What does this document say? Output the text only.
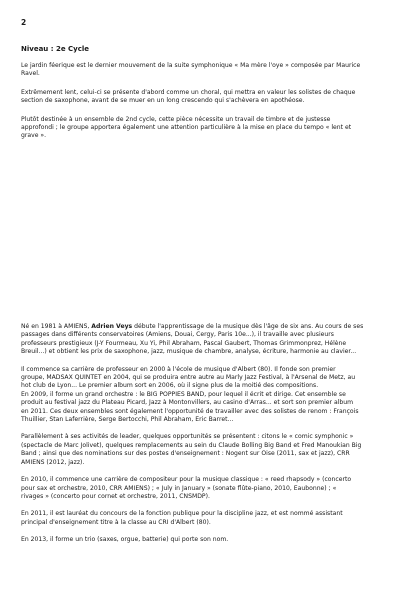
2
Niveau : 2e Cycle

Le jardin féerique est le dernier mouvement de la suite symphonique « Ma mère l'oye » composée par Maurice
Ravel.

Extrêmement lent, celui-ci se présente d'abord comme un choral, qui mettra en valeur les solistes de chaque
section de saxophone, avant de se muer en un long crescendo qui s'achèvera en apothéose.

Plutôt destinée à un ensemble de 2nd cycle, cette pièce nécessite un travail de timbre et de justesse
approfondi ; le groupe apportera également une attention particulière à la mise en place du tempo « lent et
grave ».

Né en 1981 à AMIENS, Adrien Veys débute l'apprentissage de la musique dès l'âge de six ans. Au cours de ses
passages dans différents conservatoires (Amiens, Douai, Cergy, Paris 10e...), il travaille avec plusieurs
professeurs prestigieux (J-Y Fourmeau, Xu Yi, Phil Abraham, Pascal Gaubert, Thomas Grimmonprez, Hélène
Breuil...) et obtient les prix de saxophone, jazz, musique de chambre, analyse, écriture, harmonie au clavier...

Il commence sa carrière de professeur en 2000 à l'école de musique d'Albert (80). Il fonde son premier
groupe, MADSAX QUINTET en 2004, qui se produira entre autre au Marly Jazz Festival, à l'Arsenal de Metz, au
hot club de Lyon... Le premier album sort en 2006, où il signe plus de la moitié des compositions.
En 2009, il forme un grand orchestre : le BIG POPPIES BAND, pour lequel il écrit et dirige. Cet ensemble se
produit au festival jazz du Plateau Picard, Jazz à Montonvillers, au casino d'Arras... et sort son premier album
en 2011. Ces deux ensembles sont également l'opportunité de travailler avec des solistes de renom : François
Thuillier, Stan Laferrière, Serge Bertocchi, Phil Abraham, Eric Barret...

Parallèlement à ses activités de leader, quelques opportunités se présentent : citons le « comic symphonic »
(spectacle de Marc Jolivet), quelques remplacements au sein du Claude Bolling Big Band et Fred Manoukian Big
Band ; ainsi que des nominations sur des postes d'enseignement : Nogent sur Oise (2011, sax et jazz), CRR
AMIENS (2012, jazz).

En 2010, il commence une carrière de compositeur pour la musique classique : « reed rhapsody » (concerto
pour sax et orchestre, 2010, CRR AMIENS) ; « July in January » (sonate flûte-piano, 2010, Eaubonne) ; «
rivages » (concerto pour cornet et orchestre, 2011, CNSMDP).

En 2011, il est lauréat du concours de la fonction publique pour la discipline jazz, et est nommé assistant
principal d'enseignement titre à la classe au CRI d'Albert (80).

En 2013, il forme un trio (saxes, orgue, batterie) qui porte son nom.
